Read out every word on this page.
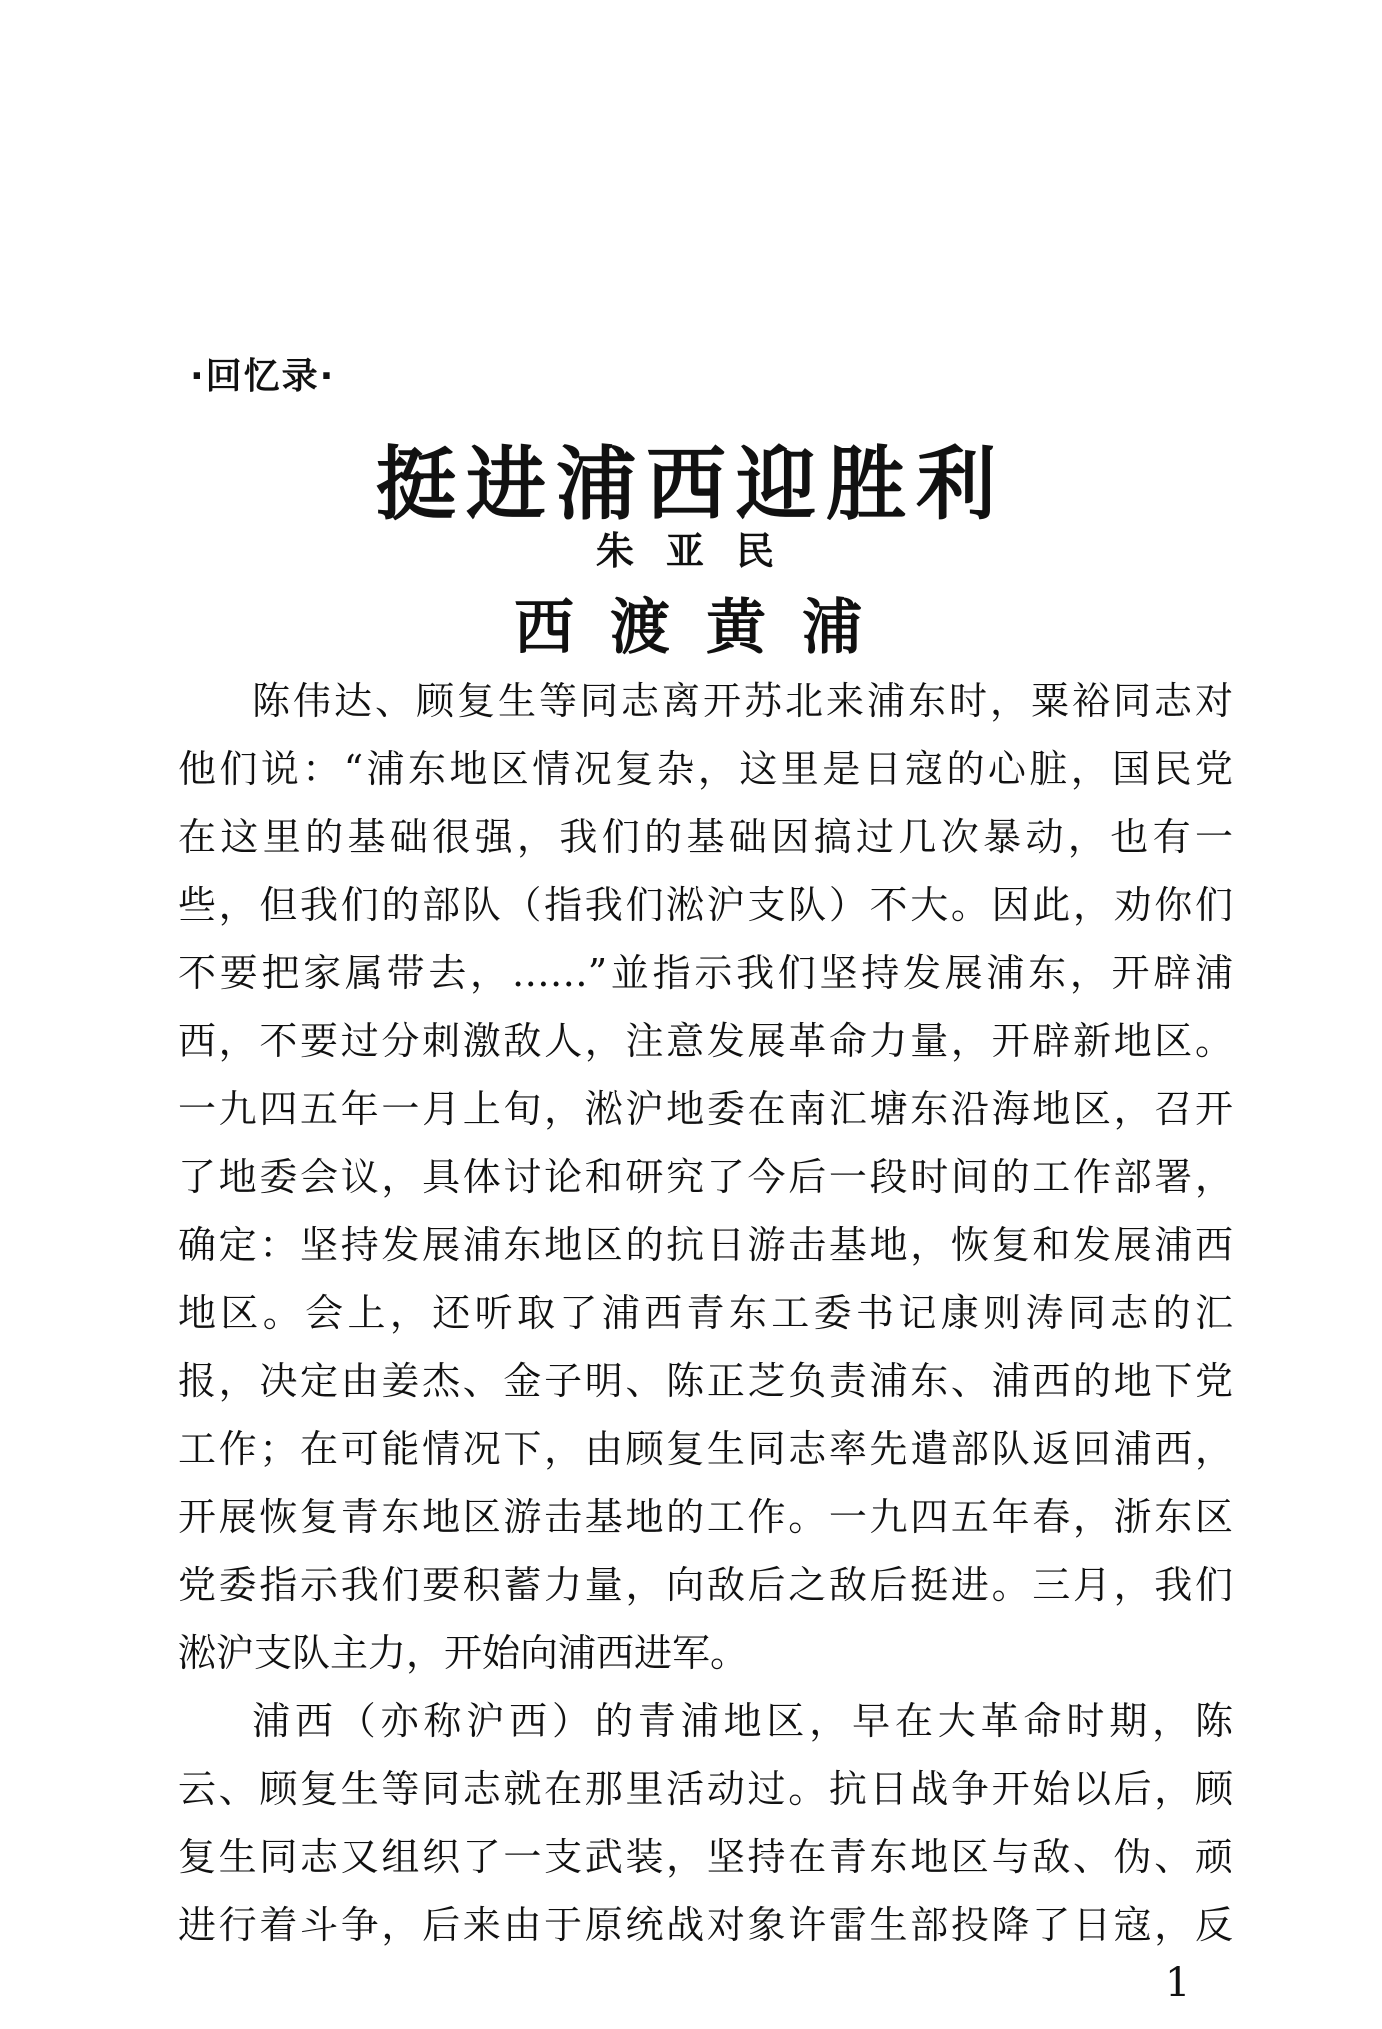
·回忆录·
挺进浦西迎胜利
朱亚民
西渡黄浦
陈伟达、顾复生等同志离开苏北来浦东时，粟裕同志对
他们说：“浦东地区情况复杂，这里是日寇的心脏，国民党
在这里的基础很强，我们的基础因搞过几次暴动，也有一
些，但我们的部队（指我们淞沪支队）不大。因此，劝你们
不要把家属带去，……”並指示我们坚持发展浦东，开辟浦
西，不要过分刺激敌人，注意发展革命力量，开辟新地区。
一九四五年一月上旬，淞沪地委在南汇塘东沿海地区，召开
了地委会议，具体讨论和研究了今后一段时间的工作部署，
确定：坚持发展浦东地区的抗日游击基地，恢复和发展浦西
地区。会上，还听取了浦西青东工委书记康则涛同志的汇
报，决定由姜杰、金子明、陈正芝负责浦东、浦西的地下党
工作；在可能情况下，由顾复生同志率先遣部队返回浦西，
开展恢复青东地区游击基地的工作。一九四五年春，浙东区
党委指示我们要积蓄力量，向敌后之敌后挺进。三月，我们
淞沪支队主力，开始向浦西进军。
浦西（亦称沪西）的青浦地区，早在大革命时期，陈
云、顾复生等同志就在那里活动过。抗日战争开始以后，顾
复生同志又组织了一支武装，坚持在青东地区与敌、伪、顽
进行着斗争，后来由于原统战对象许雷生部投降了日寇，反
1
